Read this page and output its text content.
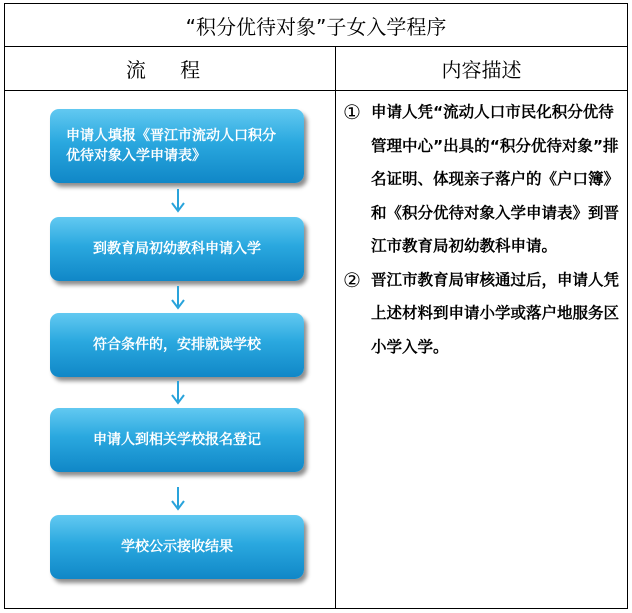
“积分优待对象”子女入学程序
流 程	内容描述
申请人填报《晋江市流动人口积分优待对象入学申请表》
到教育局初幼教科申请入学
符合条件的，安排就读学校
申请人到相关学校报名登记
学校公示接收结果
① 申请人凭“流动人口市民化积分优待管理中心”出具的“积分优待对象”排名证明、体现亲子落户的《户口簿》和《积分优待对象入学申请表》到晋江市教育局初幼教科申请。
② 晋江市教育局审核通过后，申请人凭上述材料到申请小学或落户地服务区小学入学。
